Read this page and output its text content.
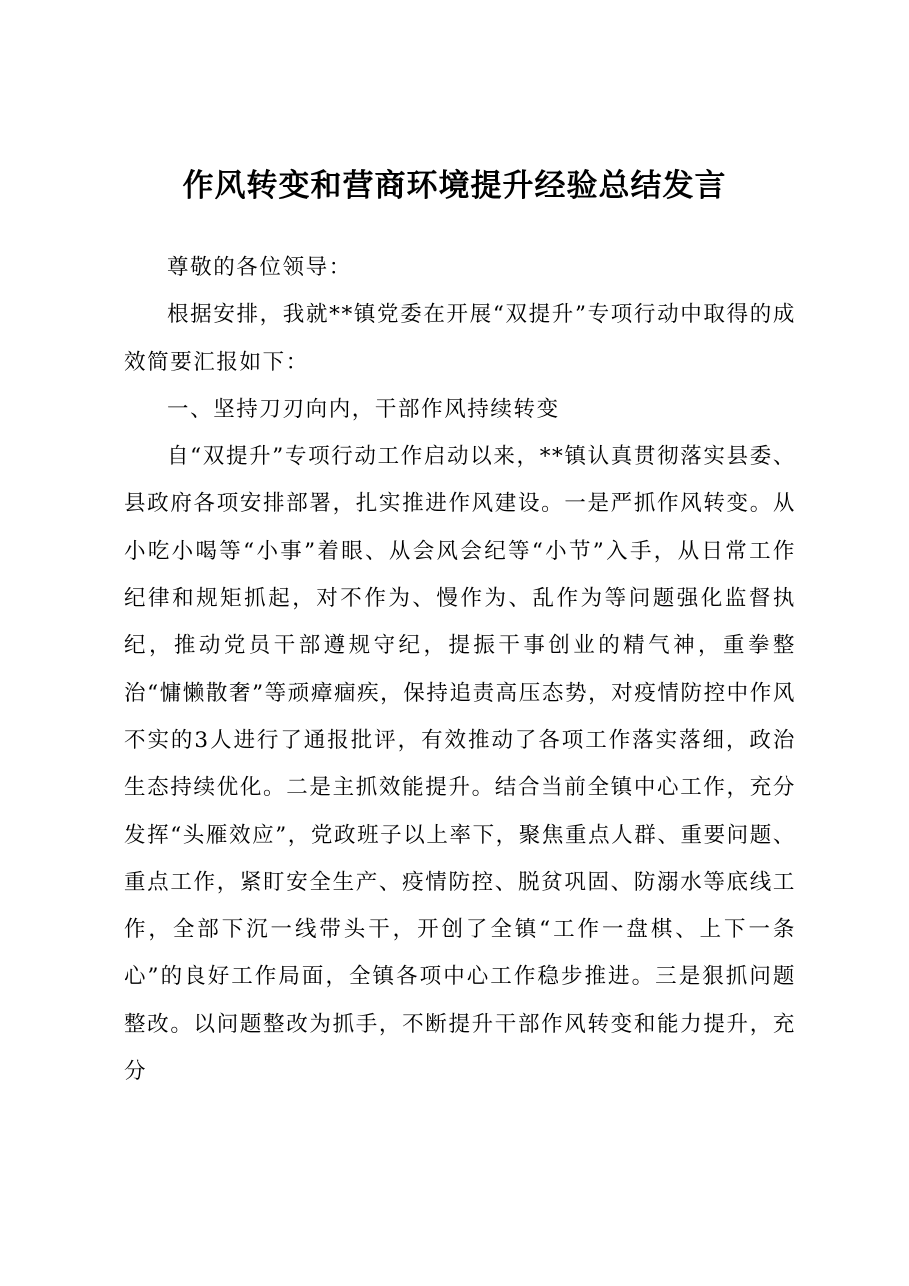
作风转变和营商环境提升经验总结发言

尊敬的各位领导：

根据安排，我就**镇党委在开展“双提升”专项行动中取得的成效简要汇报如下：

一、坚持刀刃向内，干部作风持续转变

自“双提升”专项行动工作启动以来，**镇认真贯彻落实县委、县政府各项安排部署，扎实推进作风建设。一是严抓作风转变。从小吃小喝等“小事”着眼、从会风会纪等“小节”入手，从日常工作纪律和规矩抓起，对不作为、慢作为、乱作为等问题强化监督执纪，推动党员干部遵规守纪，提振干事创业的精气神，重拳整治“慵懒散奢”等顽瘴痼疾，保持追责高压态势，对疫情防控中作风不实的3人进行了通报批评，有效推动了各项工作落实落细，政治生态持续优化。二是主抓效能提升。结合当前全镇中心工作，充分发挥“头雁效应”，党政班子以上率下，聚焦重点人群、重要问题、重点工作，紧盯安全生产、疫情防控、脱贫巩固、防溺水等底线工作，全部下沉一线带头干，开创了全镇“工作一盘棋、上下一条心”的良好工作局面，全镇各项中心工作稳步推进。三是狠抓问题整改。以问题整改为抓手，不断提升干部作风转变和能力提升，充分
